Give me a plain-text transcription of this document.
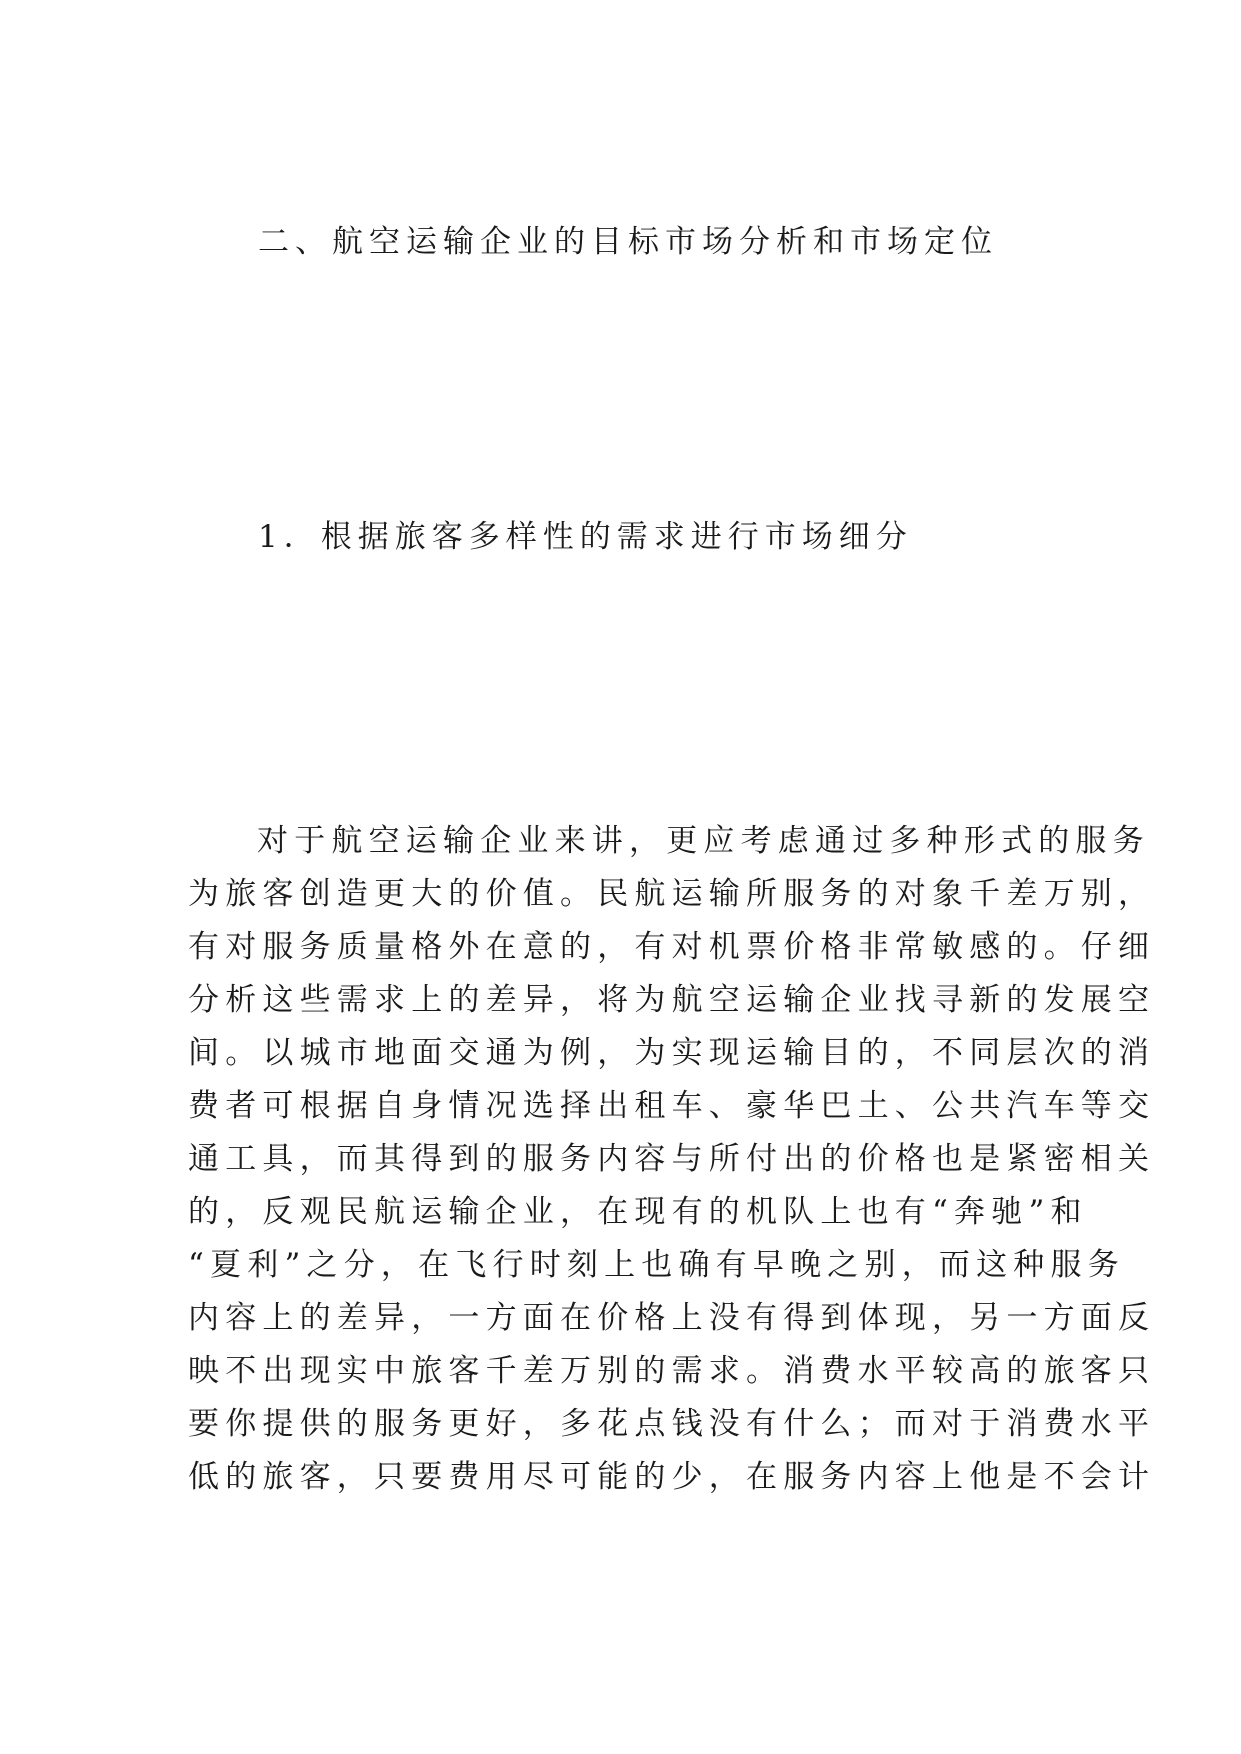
二、航空运输企业的目标市场分析和市场定位
1．根据旅客多样性的需求进行市场细分
对于航空运输企业来讲，更应考虑通过多种形式的服务
为旅客创造更大的价值。民航运输所服务的对象千差万别，
有对服务质量格外在意的，有对机票价格非常敏感的。仔细
分析这些需求上的差异，将为航空运输企业找寻新的发展空
间。以城市地面交通为例，为实现运输目的，不同层次的消
费者可根据自身情况选择出租车、豪华巴土、公共汽车等交
通工具，而其得到的服务内容与所付出的价格也是紧密相关
的，反观民航运输企业，在现有的机队上也有“奔驰”和
“夏利”之分，在飞行时刻上也确有早晚之别，而这种服务
内容上的差异，一方面在价格上没有得到体现，另一方面反
映不出现实中旅客千差万别的需求。消费水平较高的旅客只
要你提供的服务更好，多花点钱没有什么；而对于消费水平
低的旅客，只要费用尽可能的少，在服务内容上他是不会计
